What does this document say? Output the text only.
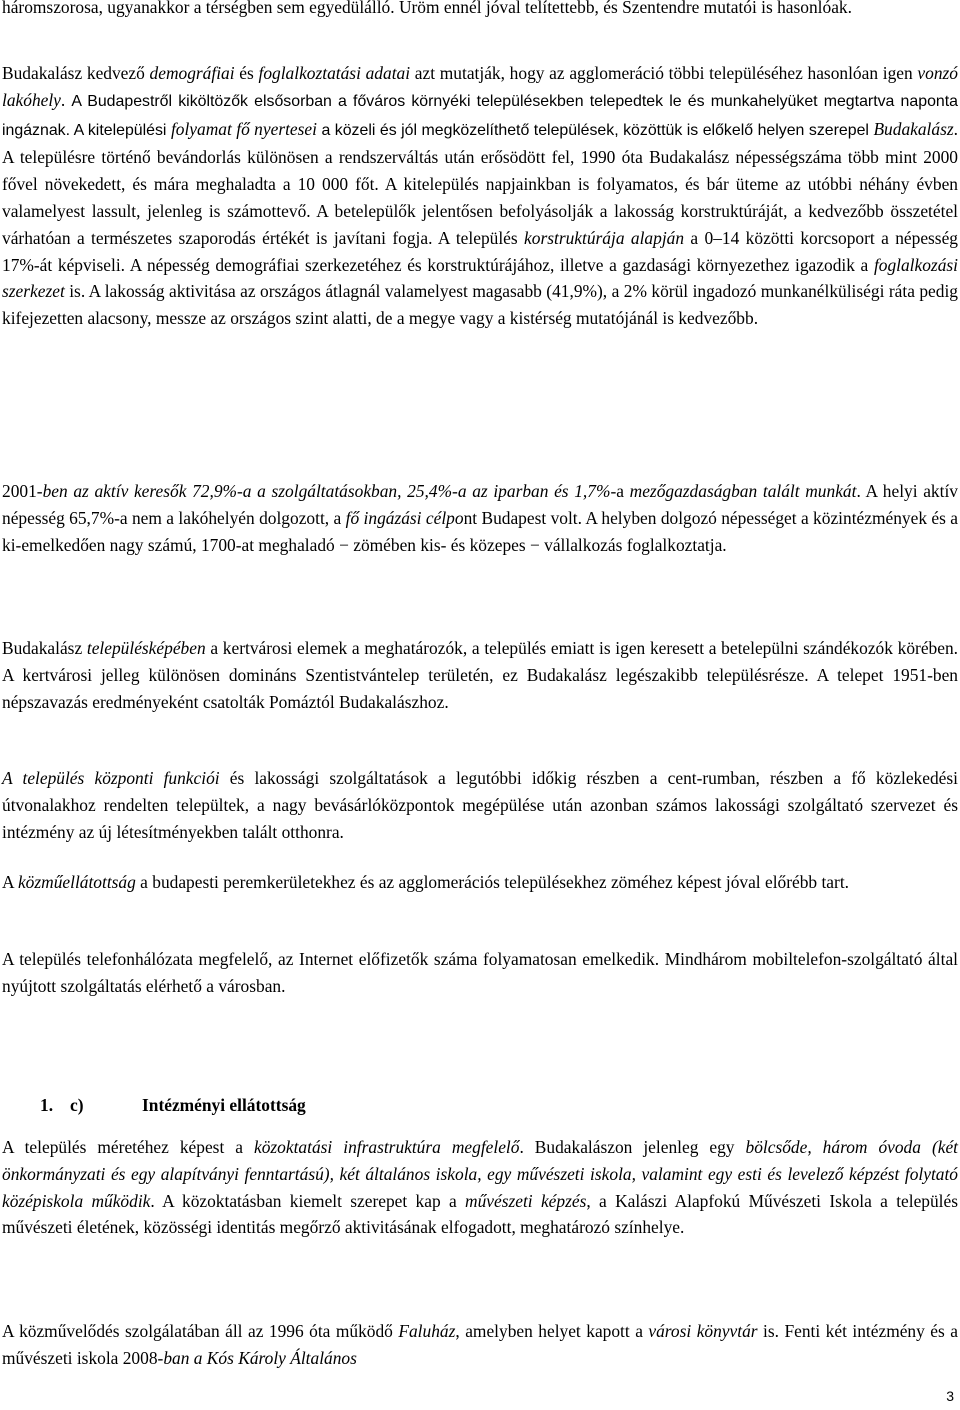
háromszorosa, ugyanakkor a térségben sem egyedülálló. Üröm ennél jóval telítettebb, és Szentendre mutatói is hasonlóak.

Budakalász kedvező demográfiai és foglalkoztatási adatai azt mutatják, hogy az agglomeráció többi településéhez hasonlóan igen vonzó lakóhely. A Budapestről kiköltözők elsősorban a főváros környéki településekben telepedtek le és munkahelyüket megtartva naponta ingáznak. A kitelepülési folyamat fő nyertesei a közeli és jól megközelíthető települések, közöttük is előkelő helyen szerepel Budakalász. A településre történő bevándorlás különösen a rendszerváltás után erősödött fel, 1990 óta Budakalász népességszáma több mint 2000 fővel növekedett, és mára meghaladta a 10 000 főt. A kitelepülés napjainkban is folyamatos, és bár üteme az utóbbi néhány évben valamelyest lassult, jelenleg is számottevő. A betelepülők jelentősen befolyásolják a lakosság korstruktúráját, a kedvezőbb összetétel várhatóan a természetes szaporodás értékét is javítani fogja. A település korstruktúrája alapján a 0–14 közötti korcsoport a népesség 17%-át képviseli. A népesség demográfiai szerkezetéhez és korstruktúrájához, illetve a gazdasági környezethez igazodik a foglalkozási szerkezet is. A lakosság aktivitása az országos átlagnál valamelyest magasabb (41,9%), a 2% körül ingadozó munkanélküliségi ráta pedig kifejezetten alacsony, messze az országos szint alatti, de a megye vagy a kistérség mutatójánál is kedvezőbb.

2001-ben az aktív keresők 72,9%-a a szolgáltatásokban, 25,4%-a az iparban és 1,7%-a mezőgazdaságban talált munkát. A helyi aktív népesség 65,7%-a nem a lakóhelyén dolgozott, a fő ingázási célpont Budapest volt. A helyben dolgozó népességet a közintézmények és a ki-emelkedően nagy számú, 1700-at meghaladó − zömében kis- és közepes − vállalkozás foglalkoztatja.

Budakalász településképében a kertvárosi elemek a meghatározók, a település emiatt is igen keresett a betelepülni szándékozók körében. A kertvárosi jelleg különösen domináns Szentistvántelep területén, ez Budakalász legészakibb településrésze. A telepet 1951-ben népszavazás eredményeként csatolták Pomáztól Budakalászhoz.

A település központi funkciói és lakossági szolgáltatások a legutóbbi időkig részben a cent-rumban, részben a fő közlekedési útvonalakhoz rendelten települtek, a nagy bevásárlóközpontok megépülése után azonban számos lakossági szolgáltató szervezet és intézmény az új létesítményekben talált otthonra.

A közműellátottság a budapesti peremkerületekhez és az agglomerációs településekhez zöméhez képest jóval előrébb tart.

A település telefonhálózata megfelelő, az Internet előfizetők száma folyamatosan emelkedik. Mindhárom mobiltelefon-szolgáltató által nyújtott szolgáltatás elérhető a városban.

A település méretéhez képest a közoktatási infrastruktúra megfelelő. Budakalászon jelenleg egy bölcsőde, három óvoda (két önkormányzati és egy alapítványi fenntartású), két általános iskola, egy művészeti iskola, valamint egy esti és levelező képzést folytató középiskola működik. A közoktatásban kiemelt szerepet kap a művészeti képzés, a Kalászi Alapfokú Művészeti Iskola a település művészeti életének, közösségi identitás megőrző aktivitásának elfogadott, meghatározó színhelye.

A közművelődés szolgálatában áll az 1996 óta működő Faluház, amelyben helyet kapott a városi könyvtár is. Fenti két intézmény és a művészeti iskola 2008-ban a Kós Károly Általános

1. c)	Intézményi ellátottság
3
